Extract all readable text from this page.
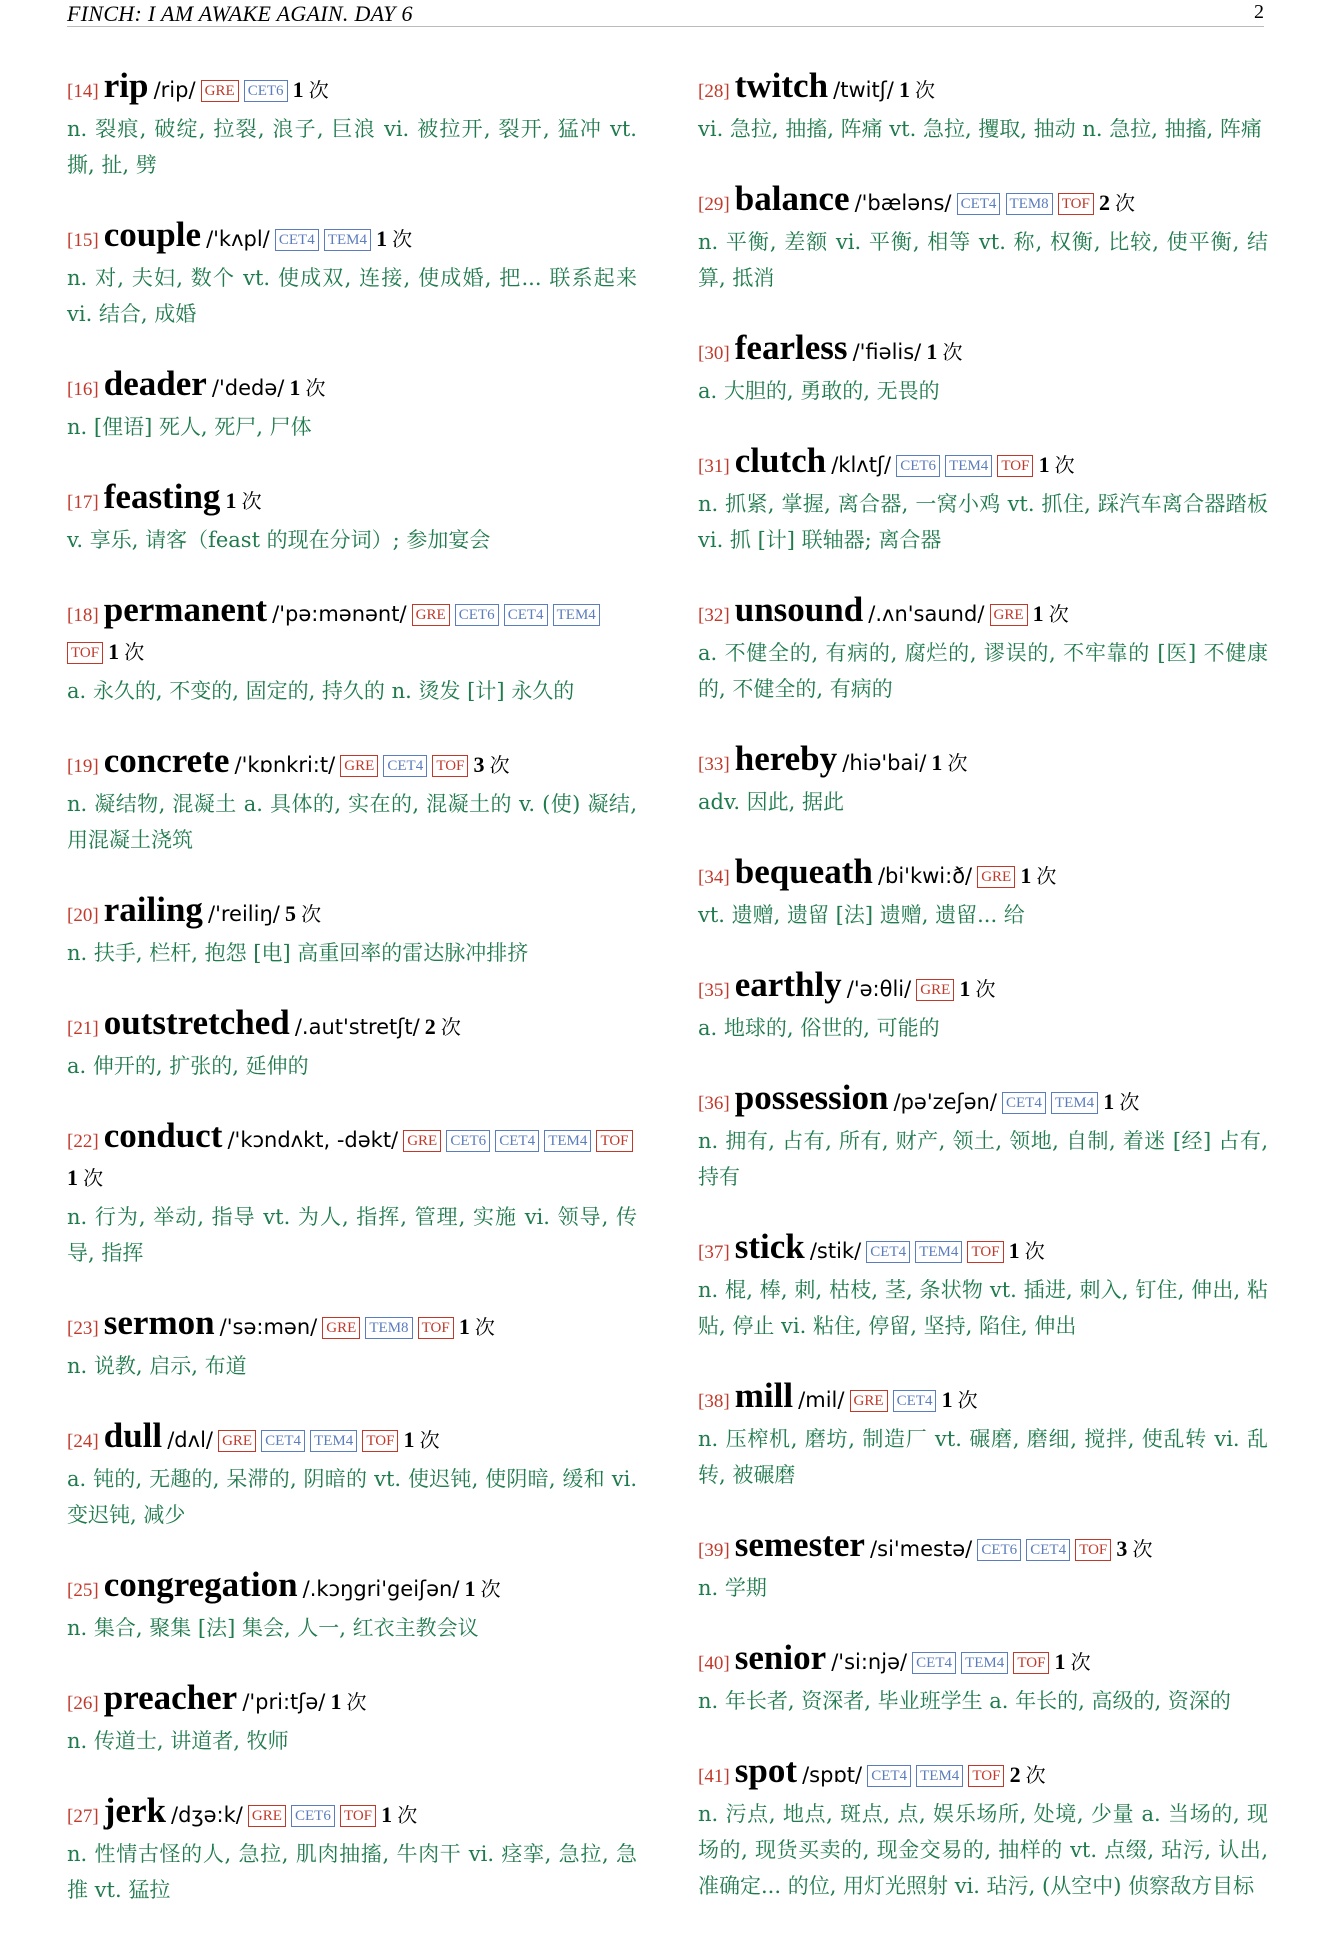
FINCH: I AM AWAKE AGAIN. DAY 6	2
[14] rip /rip/ GRE CET6 1 次
n. 裂痕, 破绽, 拉裂, 浪子, 巨浪 vi. 被拉开, 裂开, 猛冲 vt. 撕, 扯, 劈
[15] couple /'kʌpl/ CET4 TEM4 1 次
n. 对, 夫妇, 数个 vt. 使成双, 连接, 使成婚, 把... 联系起来 vi. 结合, 成婚
[16] deader /'dedə/ 1 次
n. [俚语] 死人, 死尸, 尸体
[17] feasting 1 次
v. 享乐, 请客（feast 的现在分词）; 参加宴会
[18] permanent /'pə:mənənt/ GRE CET6 CET4 TEM4 TOF 1 次
a. 永久的, 不变的, 固定的, 持久的 n. 烫发 [计] 永久的
[19] concrete /'kɒnkri:t/ GRE CET4 TOF 3 次
n. 凝结物, 混凝土 a. 具体的, 实在的, 混凝土的 v. (使) 凝结, 用混凝土浇筑
[20] railing /'reiliŋ/ 5 次
n. 扶手, 栏杆, 抱怨 [电] 高重回率的雷达脉冲排挤
[21] outstretched /.aut'stretʃt/ 2 次
a. 伸开的, 扩张的, 延伸的
[22] conduct /'kɔndʌkt, -dəkt/ GRE CET6 CET4 TEM4 TOF 1 次
n. 行为, 举动, 指导 vt. 为人, 指挥, 管理, 实施 vi. 领导, 传导, 指挥
[23] sermon /'sə:mən/ GRE TEM8 TOF 1 次
n. 说教, 启示, 布道
[24] dull /dʌl/ GRE CET4 TEM4 TOF 1 次
a. 钝的, 无趣的, 呆滞的, 阴暗的 vt. 使迟钝, 使阴暗, 缓和 vi. 变迟钝, 减少
[25] congregation /.kɔŋgri'geiʃən/ 1 次
n. 集合, 聚集 [法] 集会, 人一, 红衣主教会议
[26] preacher /'pri:tʃə/ 1 次
n. 传道士, 讲道者, 牧师
[27] jerk /dʒə:k/ GRE CET6 TOF 1 次
n. 性情古怪的人, 急拉, 肌肉抽搐, 牛肉干 vi. 痉挛, 急拉, 急推 vt. 猛拉
[28] twitch /twitʃ/ 1 次
vi. 急拉, 抽搐, 阵痛 vt. 急拉, 攫取, 抽动 n. 急拉, 抽搐, 阵痛
[29] balance /'bæləns/ CET4 TEM8 TOF 2 次
n. 平衡, 差额 vi. 平衡, 相等 vt. 称, 权衡, 比较, 使平衡, 结算, 抵消
[30] fearless /'fiəlis/ 1 次
a. 大胆的, 勇敢的, 无畏的
[31] clutch /klʌtʃ/ CET6 TEM4 TOF 1 次
n. 抓紧, 掌握, 离合器, 一窝小鸡 vt. 抓住, 踩汽车离合器踏板 vi. 抓 [计] 联轴器; 离合器
[32] unsound /.ʌn'saund/ GRE 1 次
a. 不健全的, 有病的, 腐烂的, 谬误的, 不牢靠的 [医] 不健康的, 不健全的, 有病的
[33] hereby /hiə'bai/ 1 次
adv. 因此, 据此
[34] bequeath /bi'kwi:ð/ GRE 1 次
vt. 遗赠, 遗留 [法] 遗赠, 遗留... 给
[35] earthly /'ə:θli/ GRE 1 次
a. 地球的, 俗世的, 可能的
[36] possession /pə'zeʃən/ CET4 TEM4 1 次
n. 拥有, 占有, 所有, 财产, 领土, 领地, 自制, 着迷 [经] 占有, 持有
[37] stick /stik/ CET4 TEM4 TOF 1 次
n. 棍, 棒, 刺, 枯枝, 茎, 条状物 vt. 插进, 刺入, 钉住, 伸出, 粘贴, 停止 vi. 粘住, 停留, 坚持, 陷住, 伸出
[38] mill /mil/ GRE CET4 1 次
n. 压榨机, 磨坊, 制造厂 vt. 碾磨, 磨细, 搅拌, 使乱转 vi. 乱转, 被碾磨
[39] semester /si'mestə/ CET6 CET4 TOF 3 次
n. 学期
[40] senior /'si:njə/ CET4 TEM4 TOF 1 次
n. 年长者, 资深者, 毕业班学生 a. 年长的, 高级的, 资深的
[41] spot /spɒt/ CET4 TEM4 TOF 2 次
n. 污点, 地点, 斑点, 点, 娱乐场所, 处境, 少量 a. 当场的, 现场的, 现货买卖的, 现金交易的, 抽样的 vt. 点缀, 玷污, 认出, 准确定... 的位, 用灯光照射 vi. 玷污, (从空中) 侦察敌方目标
